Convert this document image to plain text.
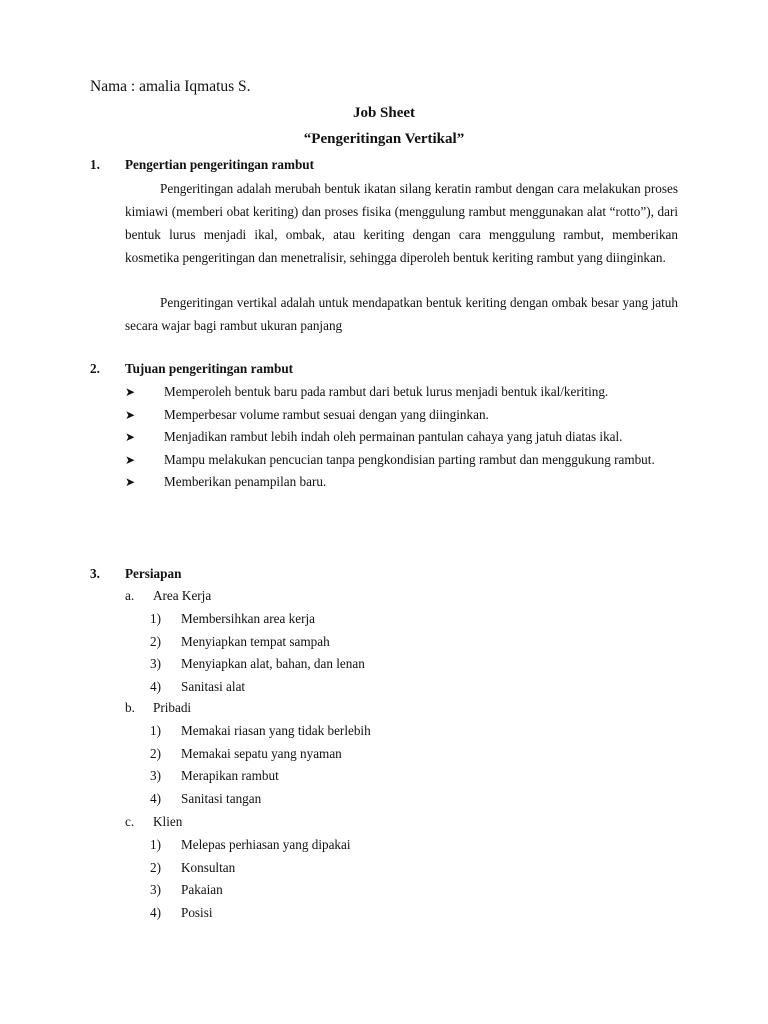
Nama : amalia Iqmatus S.
Job Sheet
“Pengeritingan Vertikal”
1. Pengertian pengeritingan rambut

Pengeritingan adalah merubah bentuk ikatan silang keratin rambut dengan cara melakukan proses kimiawi (memberi obat keriting) dan proses fisika (menggulung rambut menggunakan alat “rotto”), dari bentuk lurus menjadi ikal, ombak, atau keriting dengan cara menggulung rambut, memberikan kosmetika pengeritingan dan menetralisir, sehingga diperoleh bentuk keriting rambut yang diinginkan.

Pengeritingan vertikal adalah untuk mendapatkan bentuk keriting dengan ombak besar yang jatuh secara wajar bagi rambut ukuran panjang

2. Tujuan pengeritingan rambut
➤ Memperoleh bentuk baru pada rambut dari betuk lurus menjadi bentuk ikal/keriting.
➤ Memperbesar volume rambut sesuai dengan yang diinginkan.
➤ Menjadikan rambut lebih indah oleh permainan pantulan cahaya yang jatuh diatas ikal.
➤ Mampu melakukan pencucian tanpa pengkondisian parting rambut dan menggukung rambut.
➤ Memberikan penampilan baru.
3. Persiapan
a. Area Kerja
1) Membersihkan area kerja
2) Menyiapkan tempat sampah
3) Menyiapkan alat, bahan, dan lenan
4) Sanitasi alat
b. Pribadi
1) Memakai riasan yang tidak berlebih
2) Memakai sepatu yang nyaman
3) Merapikan rambut
4) Sanitasi tangan
c. Klien
1) Melepas perhiasan yang dipakai
2) Konsultan
3) Pakaian
4) Posisi
